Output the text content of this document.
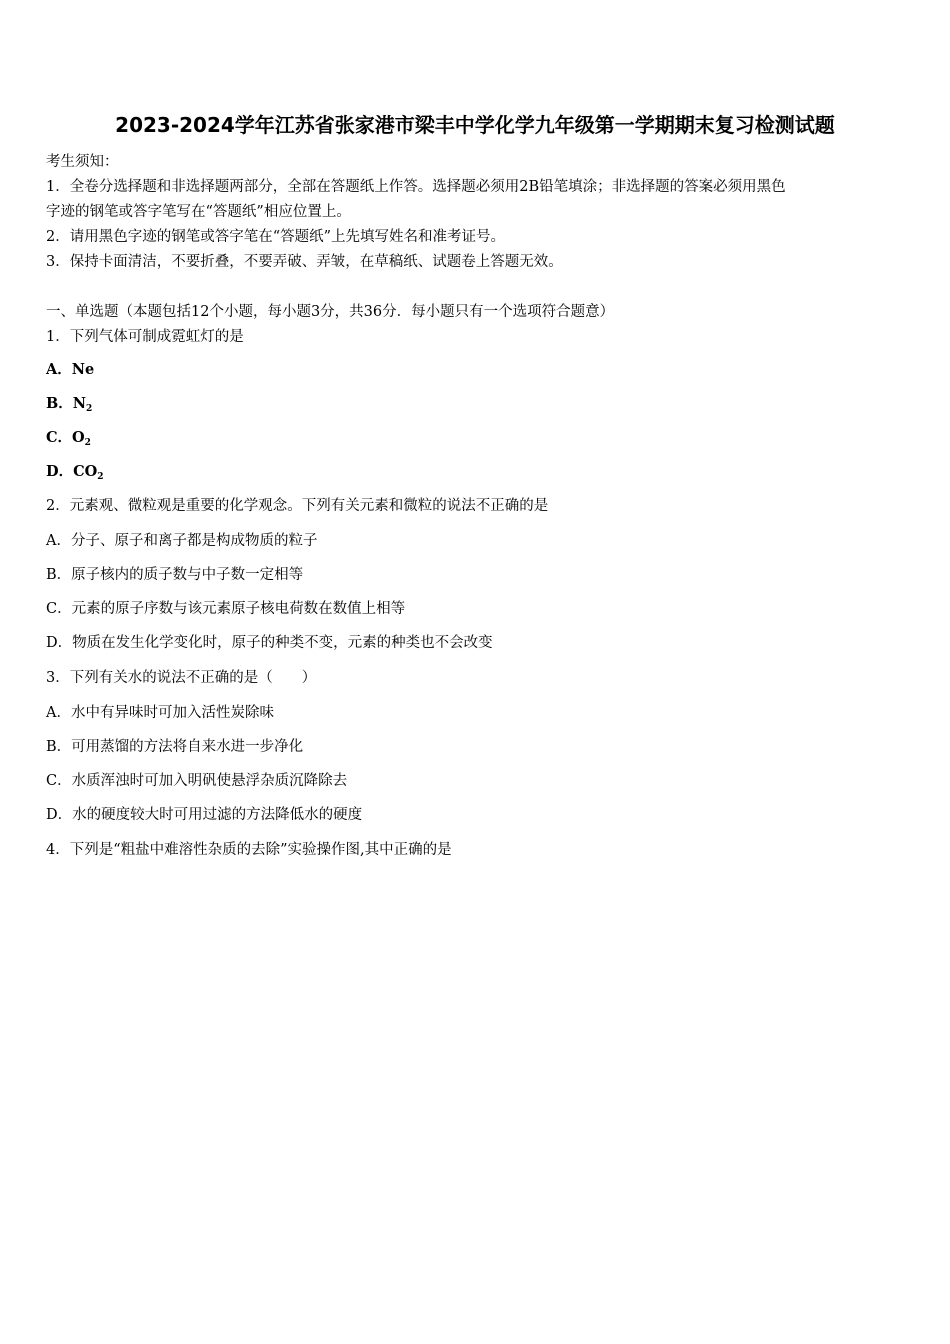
2023-2024学年江苏省张家港市梁丰中学化学九年级第一学期期末复习检测试题
考生须知：
1．全卷分选择题和非选择题两部分，全部在答题纸上作答。选择题必须用2B铅笔填涂；非选择题的答案必须用黑色
字迹的钢笔或答字笔写在“答题纸”相应位置上。
2．请用黑色字迹的钢笔或答字笔在“答题纸”上先填写姓名和准考证号。
3．保持卡面清洁，不要折叠，不要弄破、弄皱，在草稿纸、试题卷上答题无效。
一、单选题（本题包括12个小题，每小题3分，共36分．每小题只有一个选项符合题意）
1．下列气体可制成霓虹灯的是
A．Ne
B．$N_2$
C．$O_2$
D．$CO_2$
2．元素观、微粒观是重要的化学观念。下列有关元素和微粒的说法不正确的是
A．分子、原子和离子都是构成物质的粒子
B．原子核内的质子数与中子数一定相等
C．元素的原子序数与该元素原子核电荷数在数值上相等
D．物质在发生化学变化时，原子的种类不变，元素的种类也不会改变
3．下列有关水的说法不正确的是（　　）
A．水中有异味时可加入活性炭除味
B．可用蒸馏的方法将自来水进一步净化
C．水质浑浊时可加入明矾使悬浮杂质沉降除去
D．水的硬度较大时可用过滤的方法降低水的硬度
4．下列是“粗盐中难溶性杂质的去除”实验操作图,其中正确的是
